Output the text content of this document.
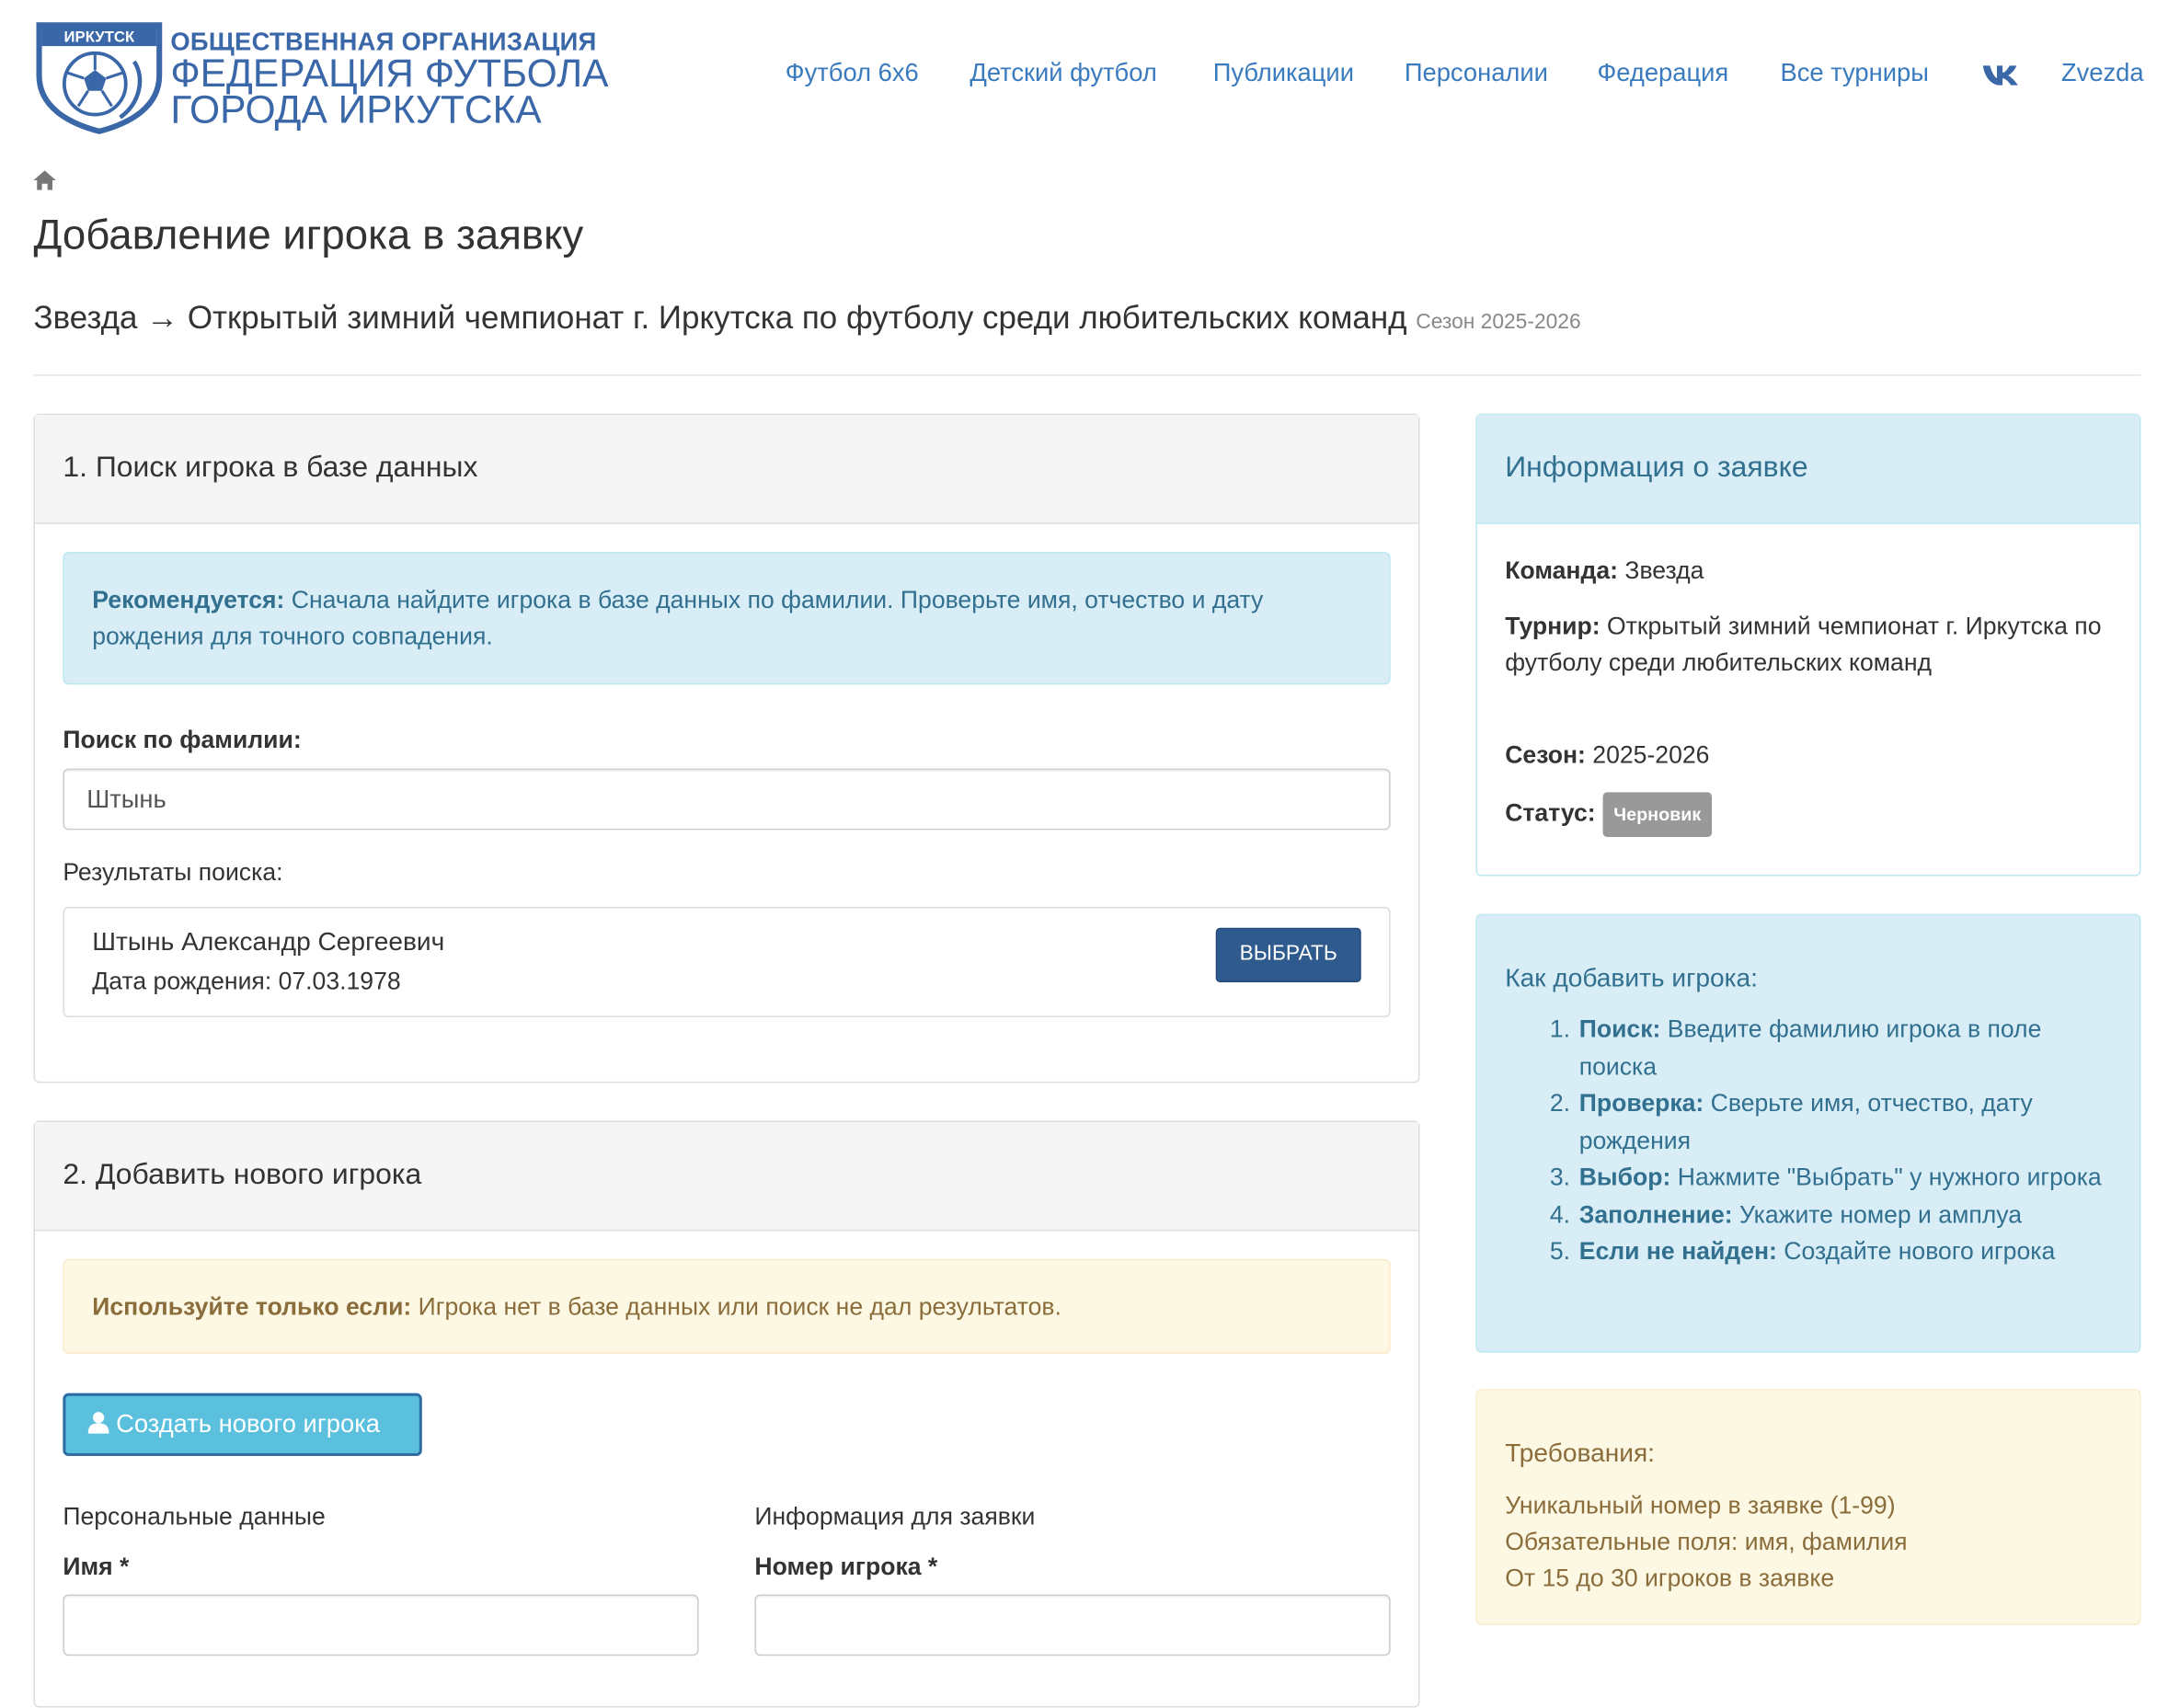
ИРКУТСК ОБЩЕСТВЕННАЯ ОРГАНИЗАЦИЯ
ФЕДЕРАЦИЯ ФУТБОЛА
ГОРОДА ИРКУТСКА
Футбол 6x6	Детский футбол	Публикации	Персоналии	Федерация	Все турниры	Zvezda
Добавление игрока в заявку
Звезда → Открытый зимний чемпионат г. Иркутска по футболу среди любительских команд Сезон 2025-2026
1. Поиск игрока в базе данных
Рекомендуется: Сначала найдите игрока в базе данных по фамилии. Проверьте имя, отчество и дату рождения для точного совпадения.
Поиск по фамилии:
Штынь
Результаты поиска:
Штынь Александр Сергеевич
Дата рождения: 07.03.1978
ВЫБРАТЬ
2. Добавить нового игрока
Используйте только если: Игрока нет в базе данных или поиск не дал результатов.
Создать нового игрока
Персональные данные	Информация для заявки
Имя *	Номер игрока *
Информация о заявке
Команда: Звезда
Турнир: Открытый зимний чемпионат г. Иркутска по футболу среди любительских команд
Сезон: 2025-2026
Статус: Черновик
Как добавить игрока:
1. Поиск: Введите фамилию игрока в поле поиска
2. Проверка: Сверьте имя, отчество, дату рождения
3. Выбор: Нажмите "Выбрать" у нужного игрока
4. Заполнение: Укажите номер и амплуа
5. Если не найден: Создайте нового игрока
Требования:
Уникальный номер в заявке (1-99)
Обязательные поля: имя, фамилия
От 15 до 30 игроков в заявке
